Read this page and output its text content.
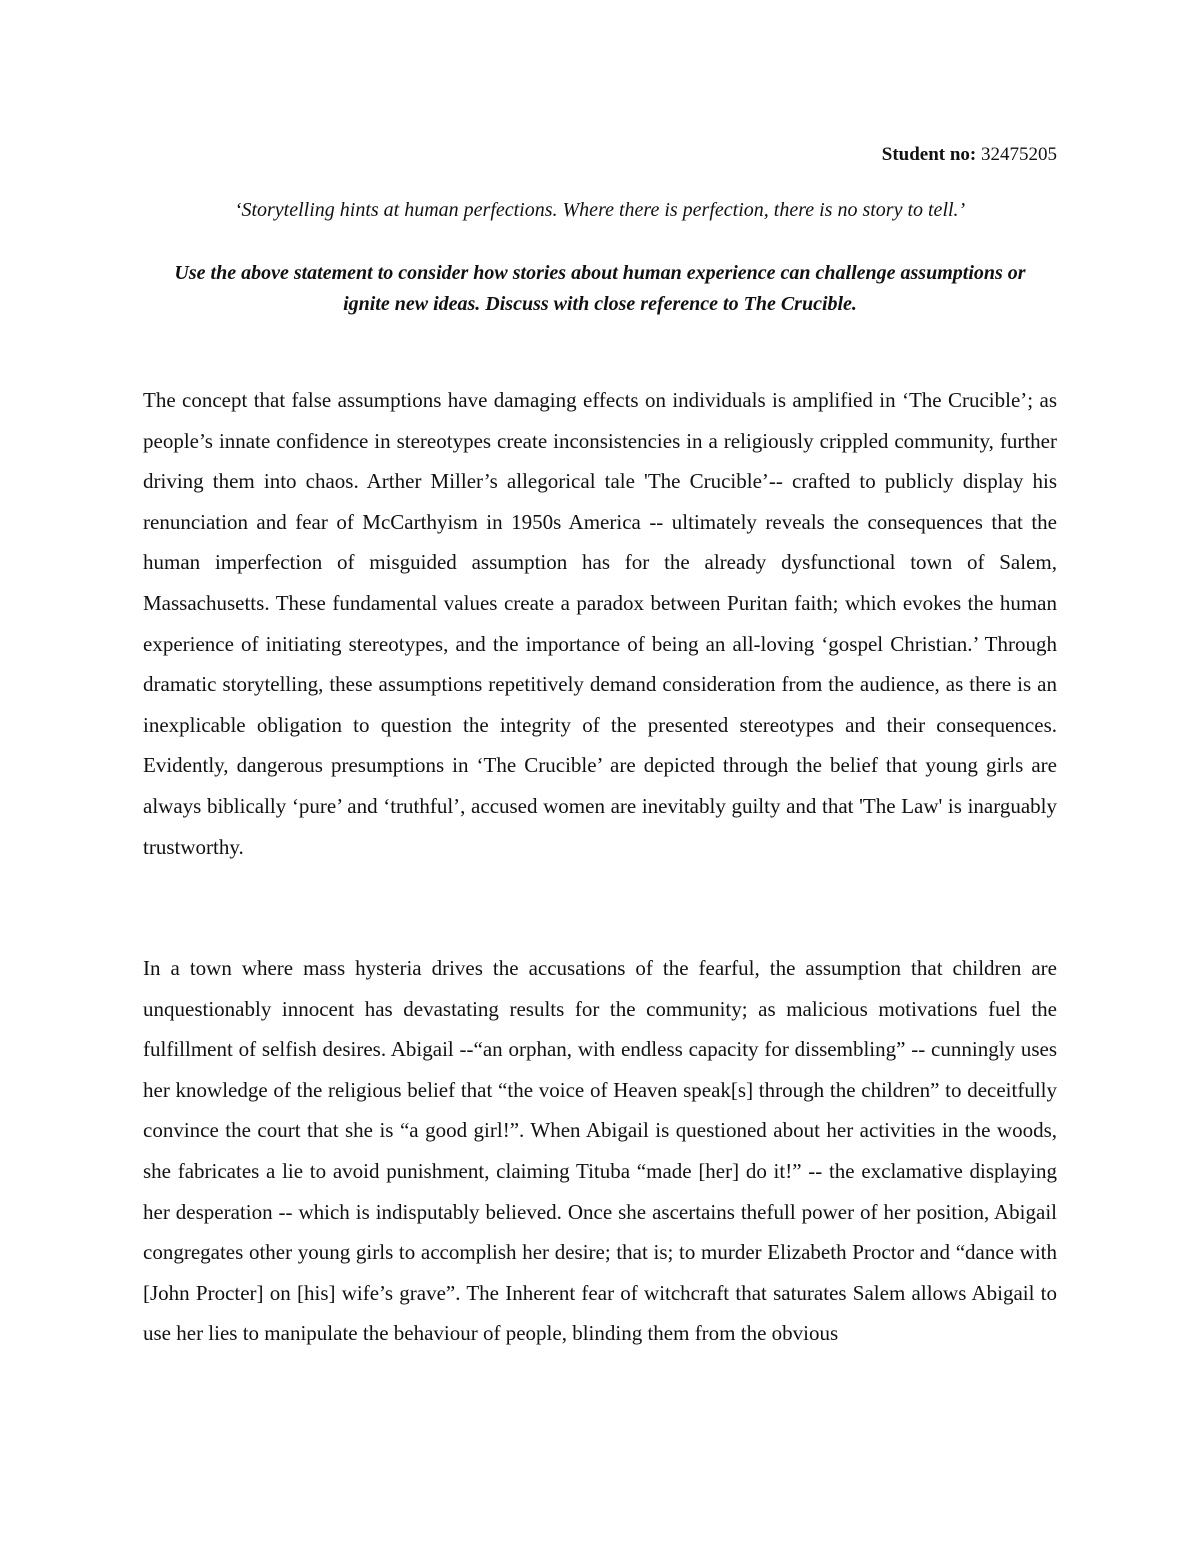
Student no: 32475205
‘Storytelling hints at human perfections. Where there is perfection, there is no story to tell.’
Use the above statement to consider how stories about human experience can challenge assumptions or ignite new ideas. Discuss with close reference to The Crucible.

The concept that false assumptions have damaging effects on individuals is amplified in ‘The Crucible’; as people’s innate confidence in stereotypes create inconsistencies in a religiously crippled community, further driving them into chaos. Arther Miller’s allegorical tale 'The Crucible’-- crafted to publicly display his renunciation and fear of McCarthyism in 1950s America -- ultimately reveals the consequences that the human imperfection of misguided assumption has for the already dysfunctional town of Salem, Massachusetts. These fundamental values create a paradox between Puritan faith; which evokes the human experience of initiating stereotypes, and the importance of being an all-loving ‘gospel Christian.’ Through dramatic storytelling, these assumptions repetitively demand consideration from the audience, as there is an inexplicable obligation to question the integrity of the presented stereotypes and their consequences. Evidently, dangerous presumptions in ‘The Crucible’ are depicted through the belief that young girls are always biblically ‘pure’ and ‘truthful’, accused women are inevitably guilty and that 'The Law' is inarguably trustworthy.

In a town where mass hysteria drives the accusations of the fearful, the assumption that children are unquestionably innocent has devastating results for the community; as malicious motivations fuel the fulfillment of selfish desires. Abigail --“an orphan, with endless capacity for dissembling” -- cunningly uses her knowledge of the religious belief that “the voice of Heaven speak[s] through the children” to deceitfully convince the court that she is “a good girl!”. When Abigail is questioned about her activities in the woods, she fabricates a lie to avoid punishment, claiming Tituba “made [her] do it!” -- the exclamative displaying her desperation -- which is indisputably believed. Once she ascertains thefull power of her position, Abigail congregates other young girls to accomplish her desire; that is; to murder Elizabeth Proctor and “dance with [John Procter] on [his] wife’s grave”. The Inherent fear of witchcraft that saturates Salem allows Abigail to use her lies to manipulate the behaviour of people, blinding them from the obvious
